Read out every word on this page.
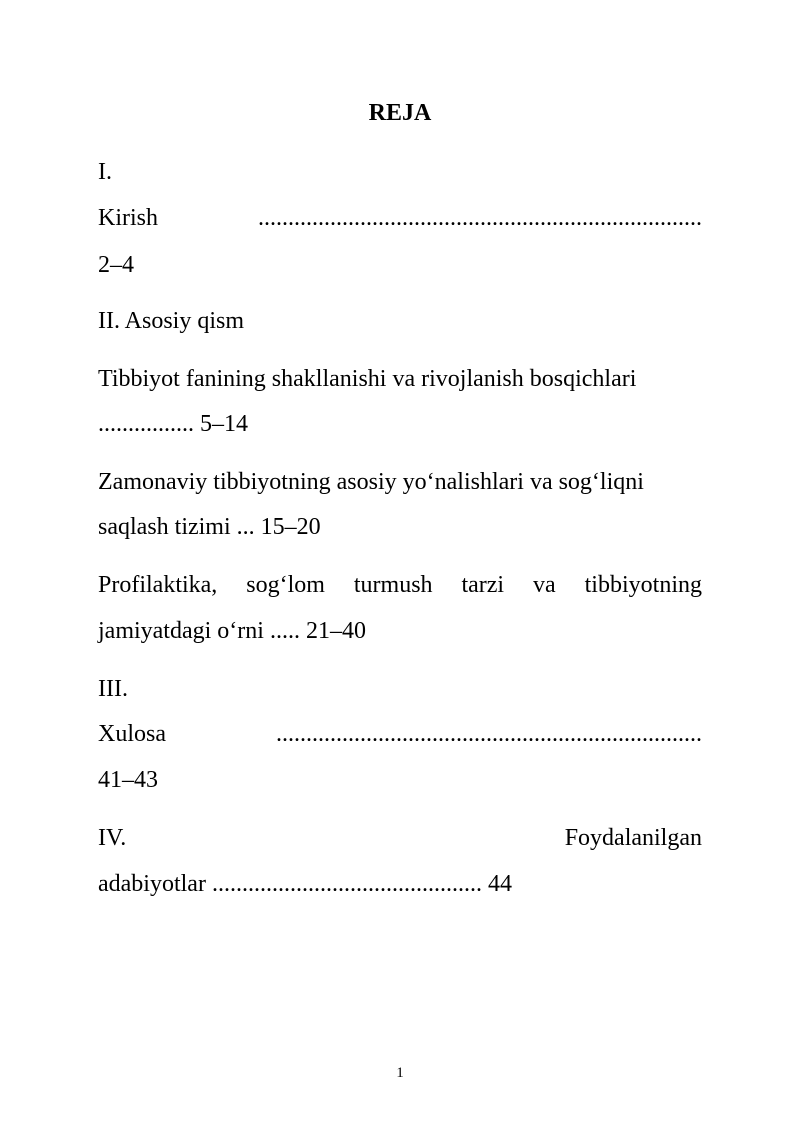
REJA
I.
Kirish	..........................................................................
2–4
II. Asosiy qism
Tibbiyot fanining shakllanishi va rivojlanish bosqichlari
................ 5–14
Zamonaviy tibbiyotning asosiy yo‘nalishlari va sog‘liqni
saqlash tizimi ... 15–20
Profilaktika, sog‘lom turmush tarzi va tibbiyotning
jamiyatdagi o‘rni ..... 21–40
III.
Xulosa	.......................................................................
41–43
IV.	Foydalanilgan
adabiyotlar ............................................. 44
1
